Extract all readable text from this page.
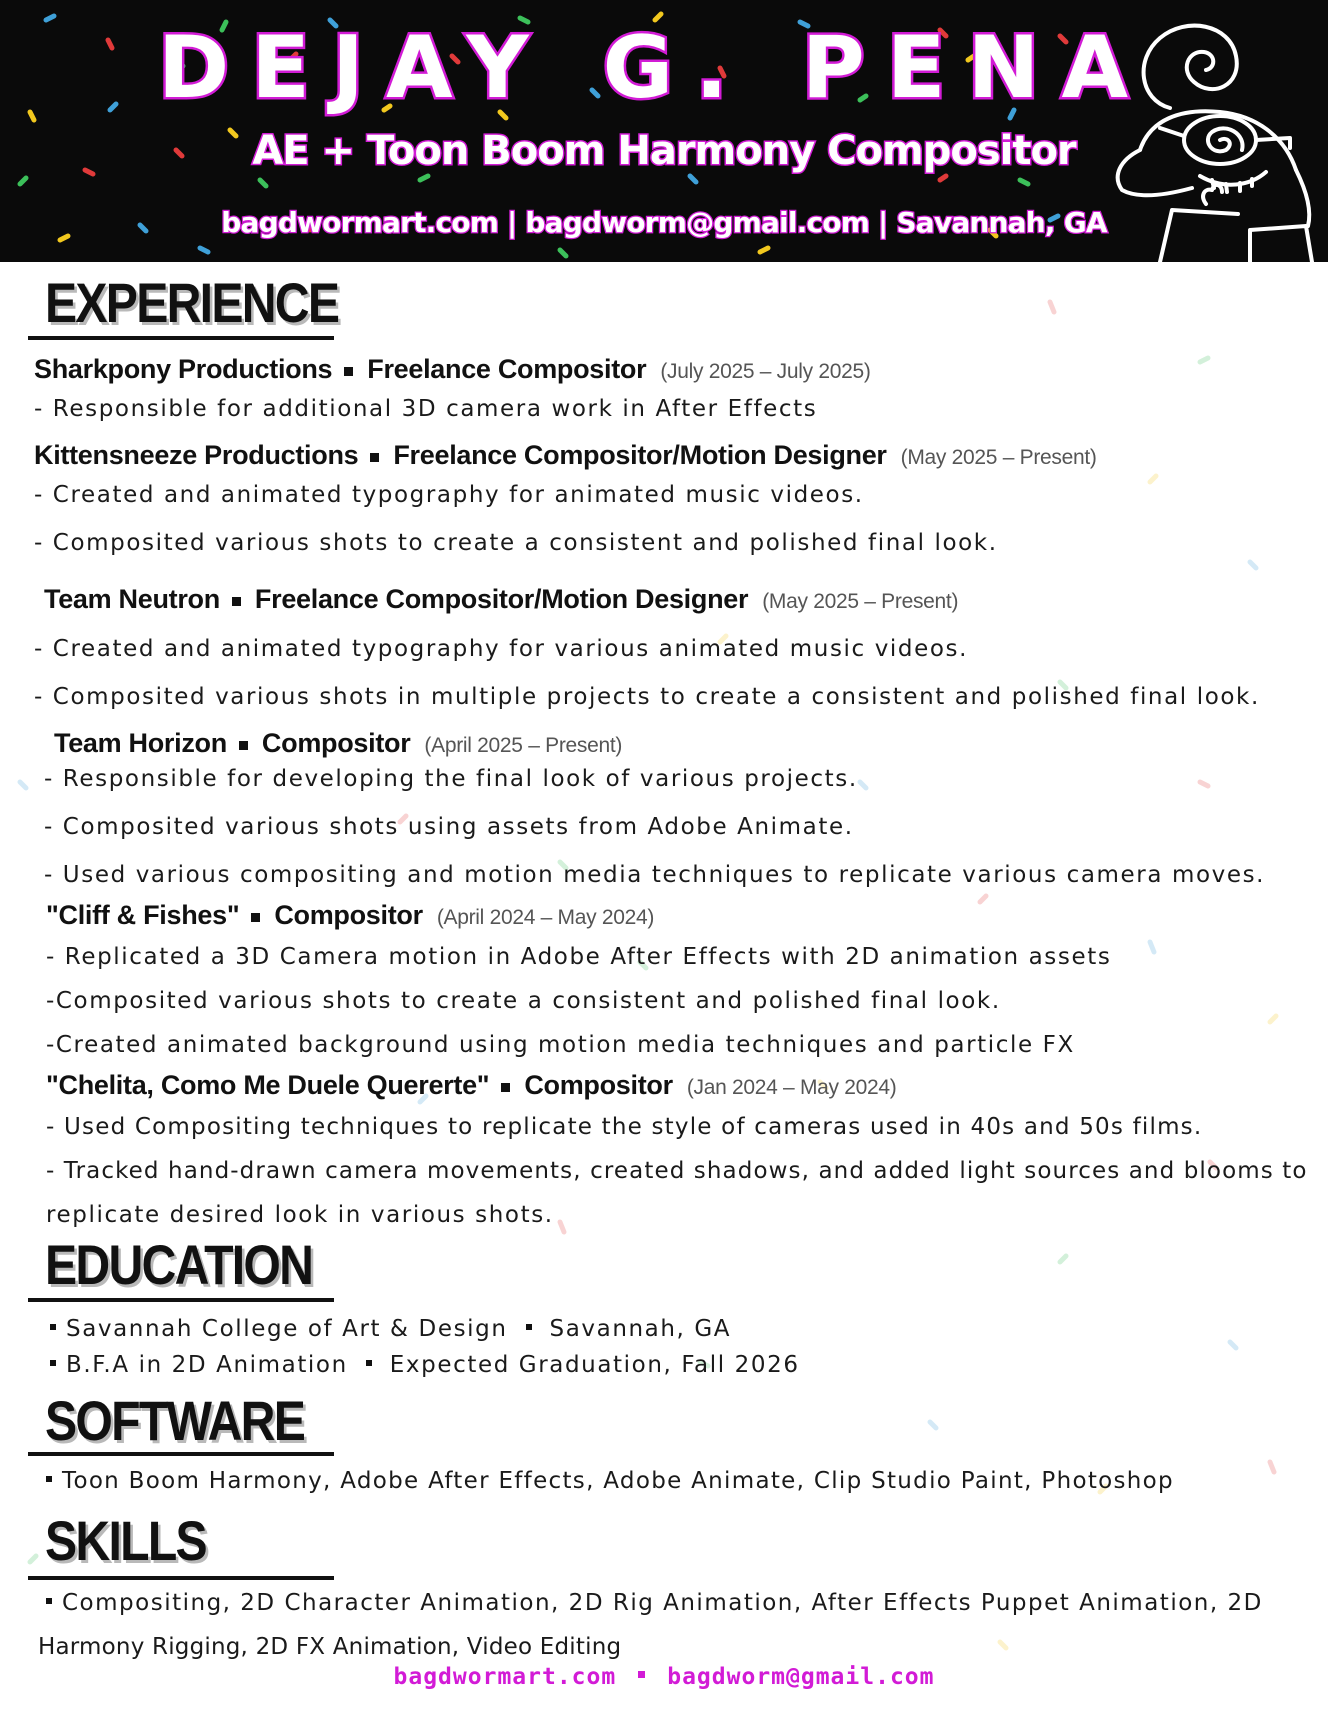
DEJAY G. PENA
AE + Toon Boom Harmony Compositor
bagdwormart.com | bagdworm@gmail.com | Savannah, GA
EXPERIENCE
Sharkpony Productions Freelance Compositor (July 2025 – July 2025)
- Responsible for additional 3D camera work in After Effects
Kittensneeze Productions Freelance Compositor/Motion Designer (May 2025 – Present)
- Created and animated typography for animated music videos.
- Composited various shots to create a consistent and polished final look.
Team Neutron Freelance Compositor/Motion Designer (May 2025 – Present)
- Created and animated typography for various animated music videos.
- Composited various shots in multiple projects to create a consistent and polished final look.
Team Horizon Compositor (April 2025 – Present)
- Responsible for developing the final look of various projects.
- Composited various shots using assets from Adobe Animate.
- Used various compositing and motion media techniques to replicate various camera moves.
"Cliff & Fishes" Compositor (April 2024 – May 2024)
- Replicated a 3D Camera motion in Adobe After Effects with 2D animation assets
-Composited various shots to create a consistent and polished final look.
-Created animated background using motion media techniques and particle FX
"Chelita, Como Me Duele Quererte" Compositor (Jan 2024 – May 2024)
- Used Compositing techniques to replicate the style of cameras used in 40s and 50s films.
- Tracked hand-drawn camera movements, created shadows, and added light sources and blooms to
replicate desired look in various shots.
EDUCATION
Savannah College of Art & Design Savannah, GA
B.F.A in 2D Animation Expected Graduation, Fall 2026
SOFTWARE
Toon Boom Harmony, Adobe After Effects, Adobe Animate, Clip Studio Paint, Photoshop
SKILLS
Compositing, 2D Character Animation, 2D Rig Animation, After Effects Puppet Animation, 2D
Harmony Rigging, 2D FX Animation, Video Editing
bagdwormart.com bagdworm@gmail.com
